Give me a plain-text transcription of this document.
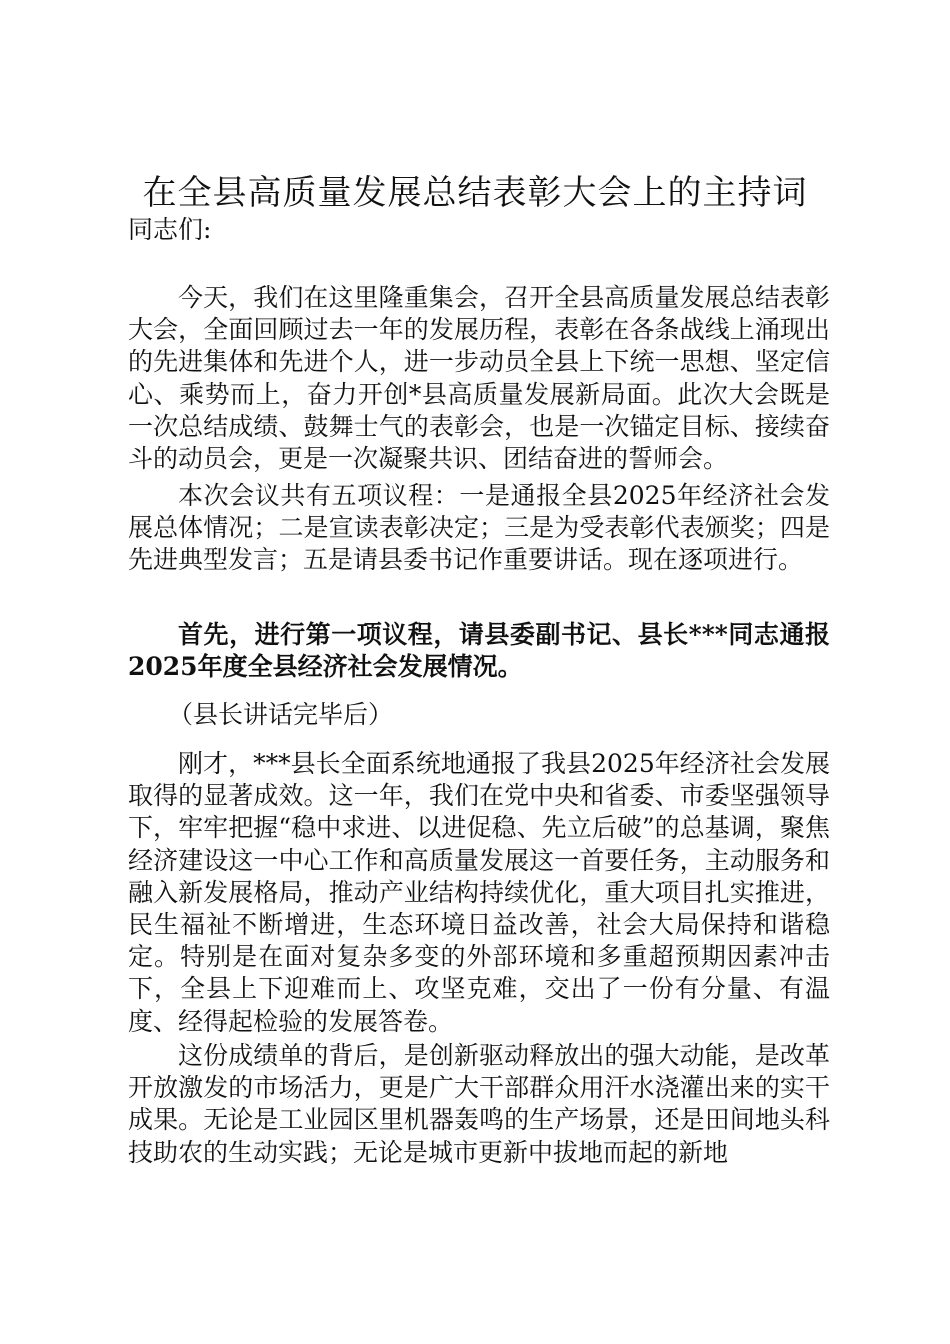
在全县高质量发展总结表彰大会上的主持词
同志们:

今天，我们在这里隆重集会，召开全县高质量发展总结表彰大会，全面回顾过去一年的发展历程，表彰在各条战线上涌现出的先进集体和先进个人，进一步动员全县上下统一思想、坚定信心、乘势而上，奋力开创*县高质量发展新局面。此次大会既是一次总结成绩、鼓舞士气的表彰会，也是一次锚定目标、接续奋斗的动员会，更是一次凝聚共识、团结奋进的誓师会。

本次会议共有五项议程：一是通报全县2025年经济社会发展总体情况；二是宣读表彰决定；三是为受表彰代表颁奖；四是先进典型发言；五是请县委书记作重要讲话。现在逐项进行。

首先，进行第一项议程，请县委副书记、县长***同志通报2025年度全县经济社会发展情况。

（县长讲话完毕后）

刚才，***县长全面系统地通报了我县2025年经济社会发展取得的显著成效。这一年，我们在党中央和省委、市委坚强领导下，牢牢把握“稳中求进、以进促稳、先立后破”的总基调，聚焦经济建设这一中心工作和高质量发展这一首要任务，主动服务和融入新发展格局，推动产业结构持续优化，重大项目扎实推进，民生福祉不断增进，生态环境日益改善，社会大局保持和谐稳定。特别是在面对复杂多变的外部环境和多重超预期因素冲击下，全县上下迎难而上、攻坚克难，交出了一份有分量、有温度、经得起检验的发展答卷。

这份成绩单的背后，是创新驱动释放出的强大动能，是改革开放激发的市场活力，更是广大干部群众用汗水浇灌出来的实干成果。无论是工业园区里机器轰鸣的生产场景，还是田间地头科技助农的生动实践；无论是城市更新中拔地而起的新地
